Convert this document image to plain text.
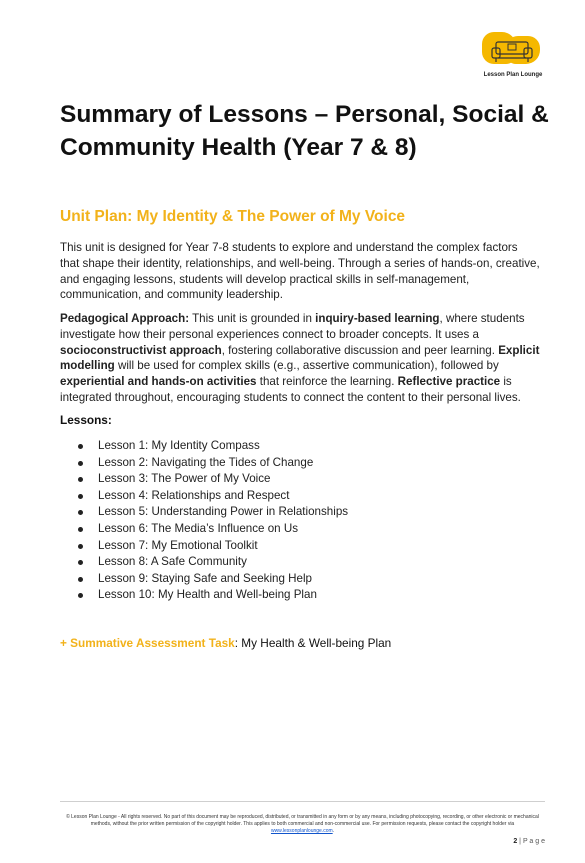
Lesson Plan Lounge
Summary of Lessons – Personal, Social & Community Health (Year 7 & 8)
Unit Plan: My Identity & The Power of My Voice

This unit is designed for Year 7-8 students to explore and understand the complex factors that shape their identity, relationships, and well-being. Through a series of hands-on, creative, and engaging lessons, students will develop practical skills in self-management, communication, and community leadership.

Pedagogical Approach: This unit is grounded in inquiry-based learning, where students investigate how their personal experiences connect to broader concepts. It uses a socioconstructivist approach, fostering collaborative discussion and peer learning. Explicit modelling will be used for complex skills (e.g., assertive communication), followed by experiential and hands-on activities that reinforce the learning. Reflective practice is integrated throughout, encouraging students to connect the content to their personal lives.

Lessons:

Lesson 1: My Identity Compass
Lesson 2: Navigating the Tides of Change
Lesson 3: The Power of My Voice
Lesson 4: Relationships and Respect
Lesson 5: Understanding Power in Relationships
Lesson 6: The Media’s Influence on Us
Lesson 7: My Emotional Toolkit
Lesson 8: A Safe Community
Lesson 9: Staying Safe and Seeking Help
Lesson 10: My Health and Well-being Plan

+ Summative Assessment Task: My Health & Well-being Plan

© Lesson Plan Lounge - All rights reserved. No part of this document may be reproduced, distributed, or transmitted in any form or by any means, including photocopying, recording, or other electronic or mechanical methods, without the prior written permission of the copyright holder. This applies to both commercial and non-commercial use. For permission requests, please contact the copyright holder via www.lessonplanlounge.com.
2 | P a g e
